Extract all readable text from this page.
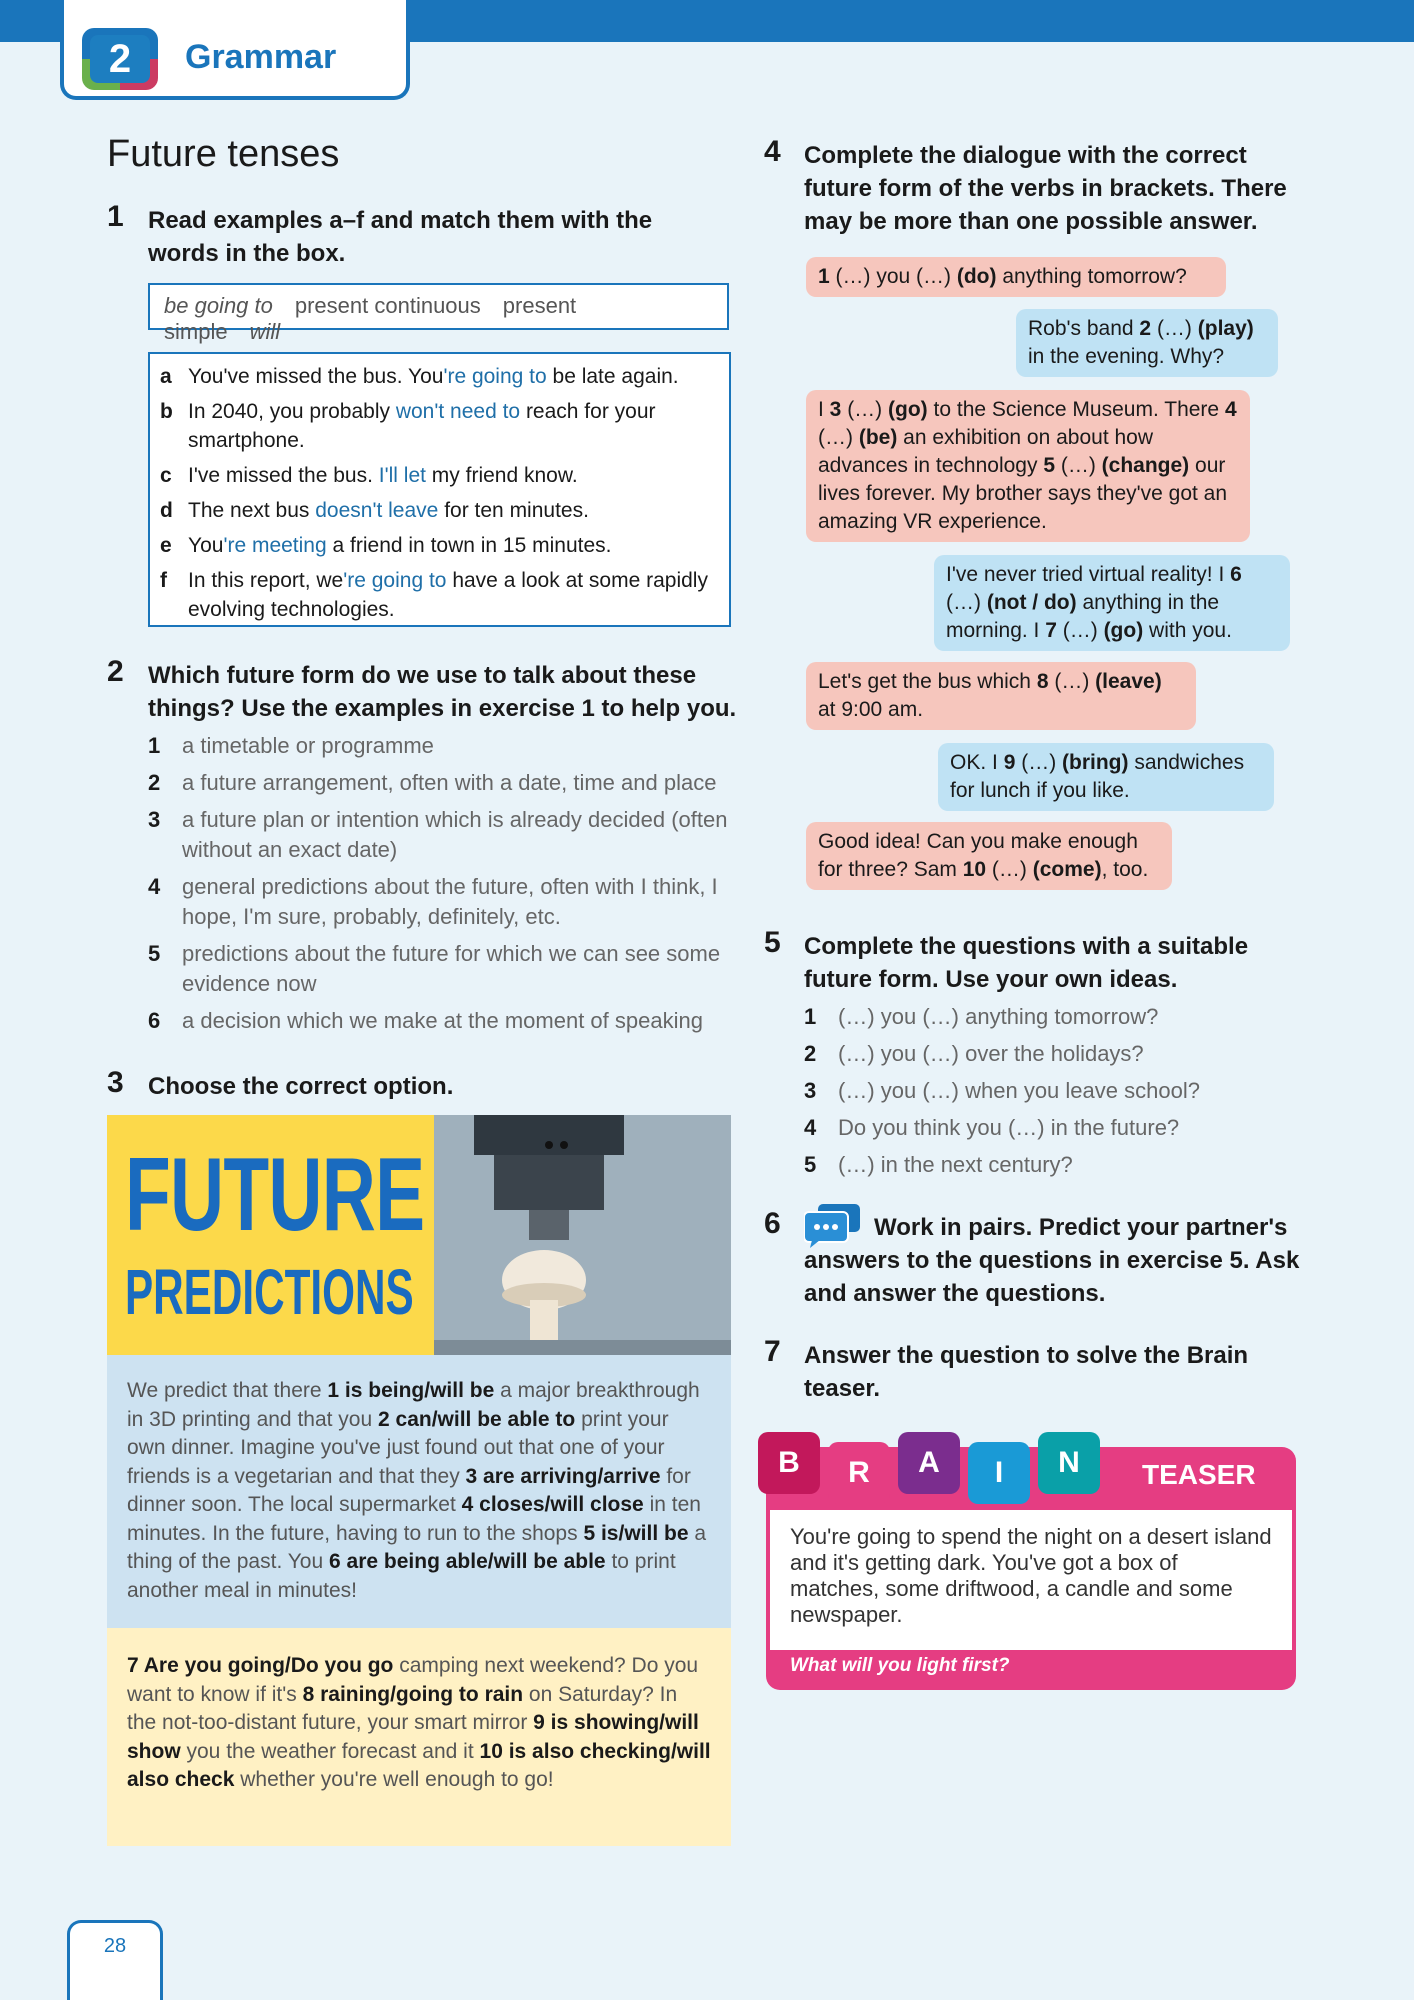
2	Grammar
Future tenses
1 Read examples a–f and match them with the words in the box.
be going to present continuous present simple will
a You've missed the bus. You're going to be late again.
b In 2040, you probably won't need to reach for your smartphone.
c I've missed the bus. I'll let my friend know.
d The next bus doesn't leave for ten minutes.
e You're meeting a friend in town in 15 minutes.
f	In this report, we're going to have a look at some rapidly evolving technologies.
2 Which future form do we use to talk about these things? Use the examples in exercise 1 to help you.
1 a timetable or programme
2 a future arrangement, often with a date, time and place
3 a future plan or intention which is already decided (often without an exact date)
4 general predictions about the future, often with I think, I hope, I'm sure, probably, definitely, etc.
5 predictions about the future for which we can see some evidence now
6 a decision which we make at the moment of speaking
3 Choose the correct option.
FUTURE
PREDICTIONS
We predict that there 1 is being/will be a major breakthrough in 3D printing and that you 2 can/will be able to print your own dinner. Imagine you've just found out that one of your friends is a vegetarian and that they 3 are arriving/arrive for dinner soon. The local supermarket 4 closes/will close in ten minutes. In the future, having to run to the shops 5 is/will be a thing of the past. You 6 are being able/will be able to print another meal in minutes!
7 Are you going/Do you go camping next weekend? Do you want to know if it's 8 raining/going to rain on Saturday? In the not-too-distant future, your smart mirror 9 is showing/will show you the weather forecast and it 10 is also checking/will also check whether you're well enough to go!
4 Complete the dialogue with the correct future form of the verbs in brackets. There may be more than one possible answer.
1 (…) you (…) (do) anything tomorrow?
Rob's band 2 (…) (play) in the evening. Why?
I 3 (…) (go) to the Science Museum. There 4 (…) (be) an exhibition on about how advances in technology 5 (…) (change) our lives forever. My brother says they've got an amazing VR experience.
I've never tried virtual reality! I 6 (…) (not / do) anything in the morning. I 7 (…) (go) with you.
Let's get the bus which 8 (…) (leave) at 9:00 am.
OK. I 9 (…) (bring) sandwiches for lunch if you like.
Good idea! Can you make enough for three? Sam 10 (…) (come), too.
5 Complete the questions with a suitable future form. Use your own ideas.
1 (…) you (…) anything tomorrow?
2 (…) you (…) over the holidays?
3 (…) you (…) when you leave school?
4 Do you think you (…) in the future?
5 (…) in the next century?
6	Work in pairs. Predict your partner's answers to the questions in exercise 5. Ask and answer the questions.
7 Answer the question to solve the Brain teaser.
B	R	A	I	N	TEASER
You're going to spend the night on a desert island and it's getting dark. You've got a box of matches, some driftwood, a candle and some newspaper.
What will you light first?
28
